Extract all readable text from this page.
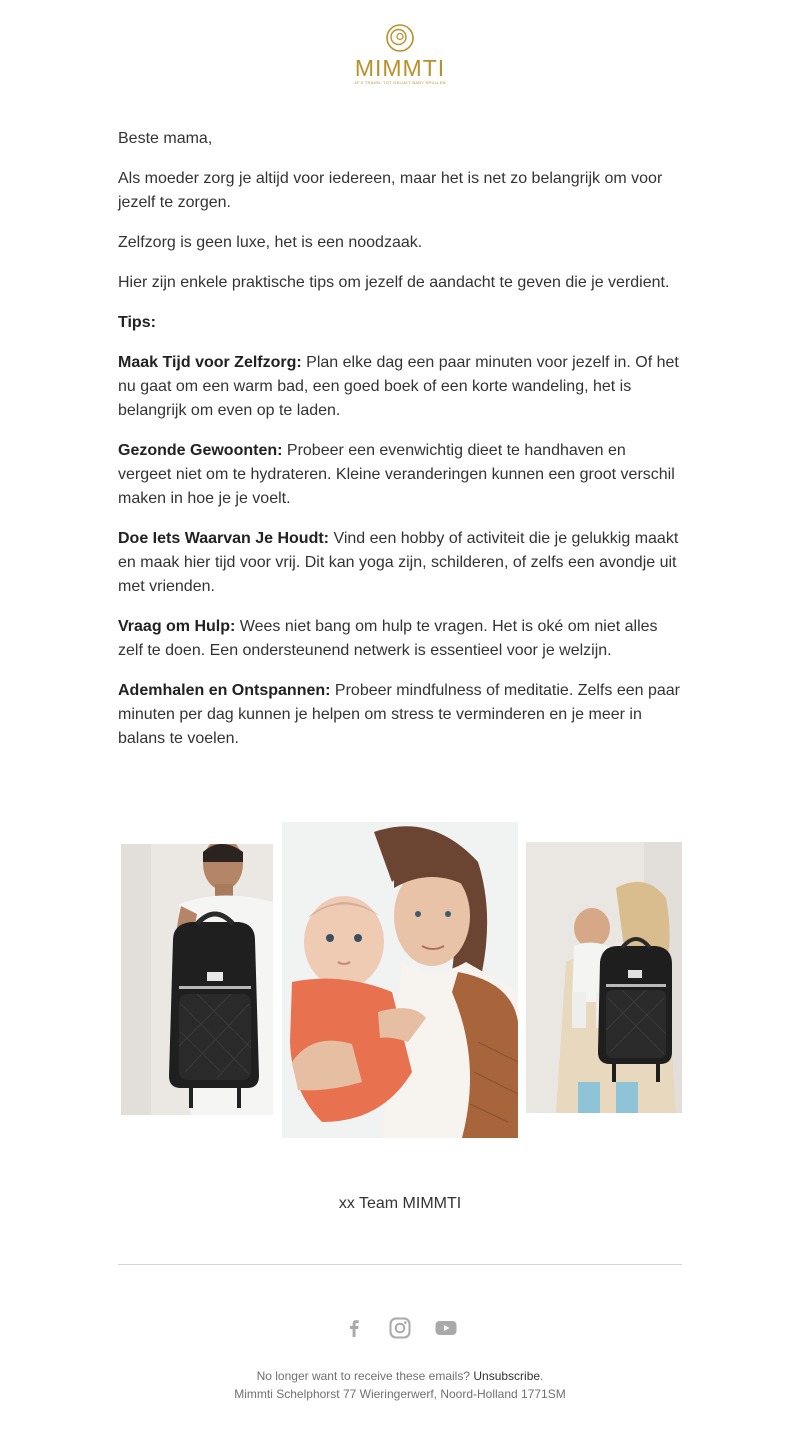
MIMMTI
JE'S TRAVEL TOT GELUKT BABY SPULLEN

Beste mama,

Als moeder zorg je altijd voor iedereen, maar het is net zo belangrijk om voor jezelf te zorgen.

Zelfzorg is geen luxe, het is een noodzaak.

Hier zijn enkele praktische tips om jezelf de aandacht te geven die je verdient.

Tips:

Maak Tijd voor Zelfzorg: Plan elke dag een paar minuten voor jezelf in. Of het nu gaat om een warm bad, een goed boek of een korte wandeling, het is belangrijk om even op te laden.

Gezonde Gewoonten: Probeer een evenwichtig dieet te handhaven en vergeet niet om te hydrateren. Kleine veranderingen kunnen een groot verschil maken in hoe je je voelt.

Doe Iets Waarvan Je Houdt: Vind een hobby of activiteit die je gelukkig maakt en maak hier tijd voor vrij. Dit kan yoga zijn, schilderen, of zelfs een avondje uit met vrienden.

Vraag om Hulp: Wees niet bang om hulp te vragen. Het is oké om niet alles zelf te doen. Een ondersteunend netwerk is essentieel voor je welzijn.

Ademhalen en Ontspannen: Probeer mindfulness of meditatie. Zelfs een paar minuten per dag kunnen je helpen om stress te verminderen en je meer in balans te voelen.

xx Team MIMMTI
No longer want to receive these emails? Unsubscribe.
Mimmti Schelphorst 77 Wieringerwerf, Noord-Holland 1771SM
